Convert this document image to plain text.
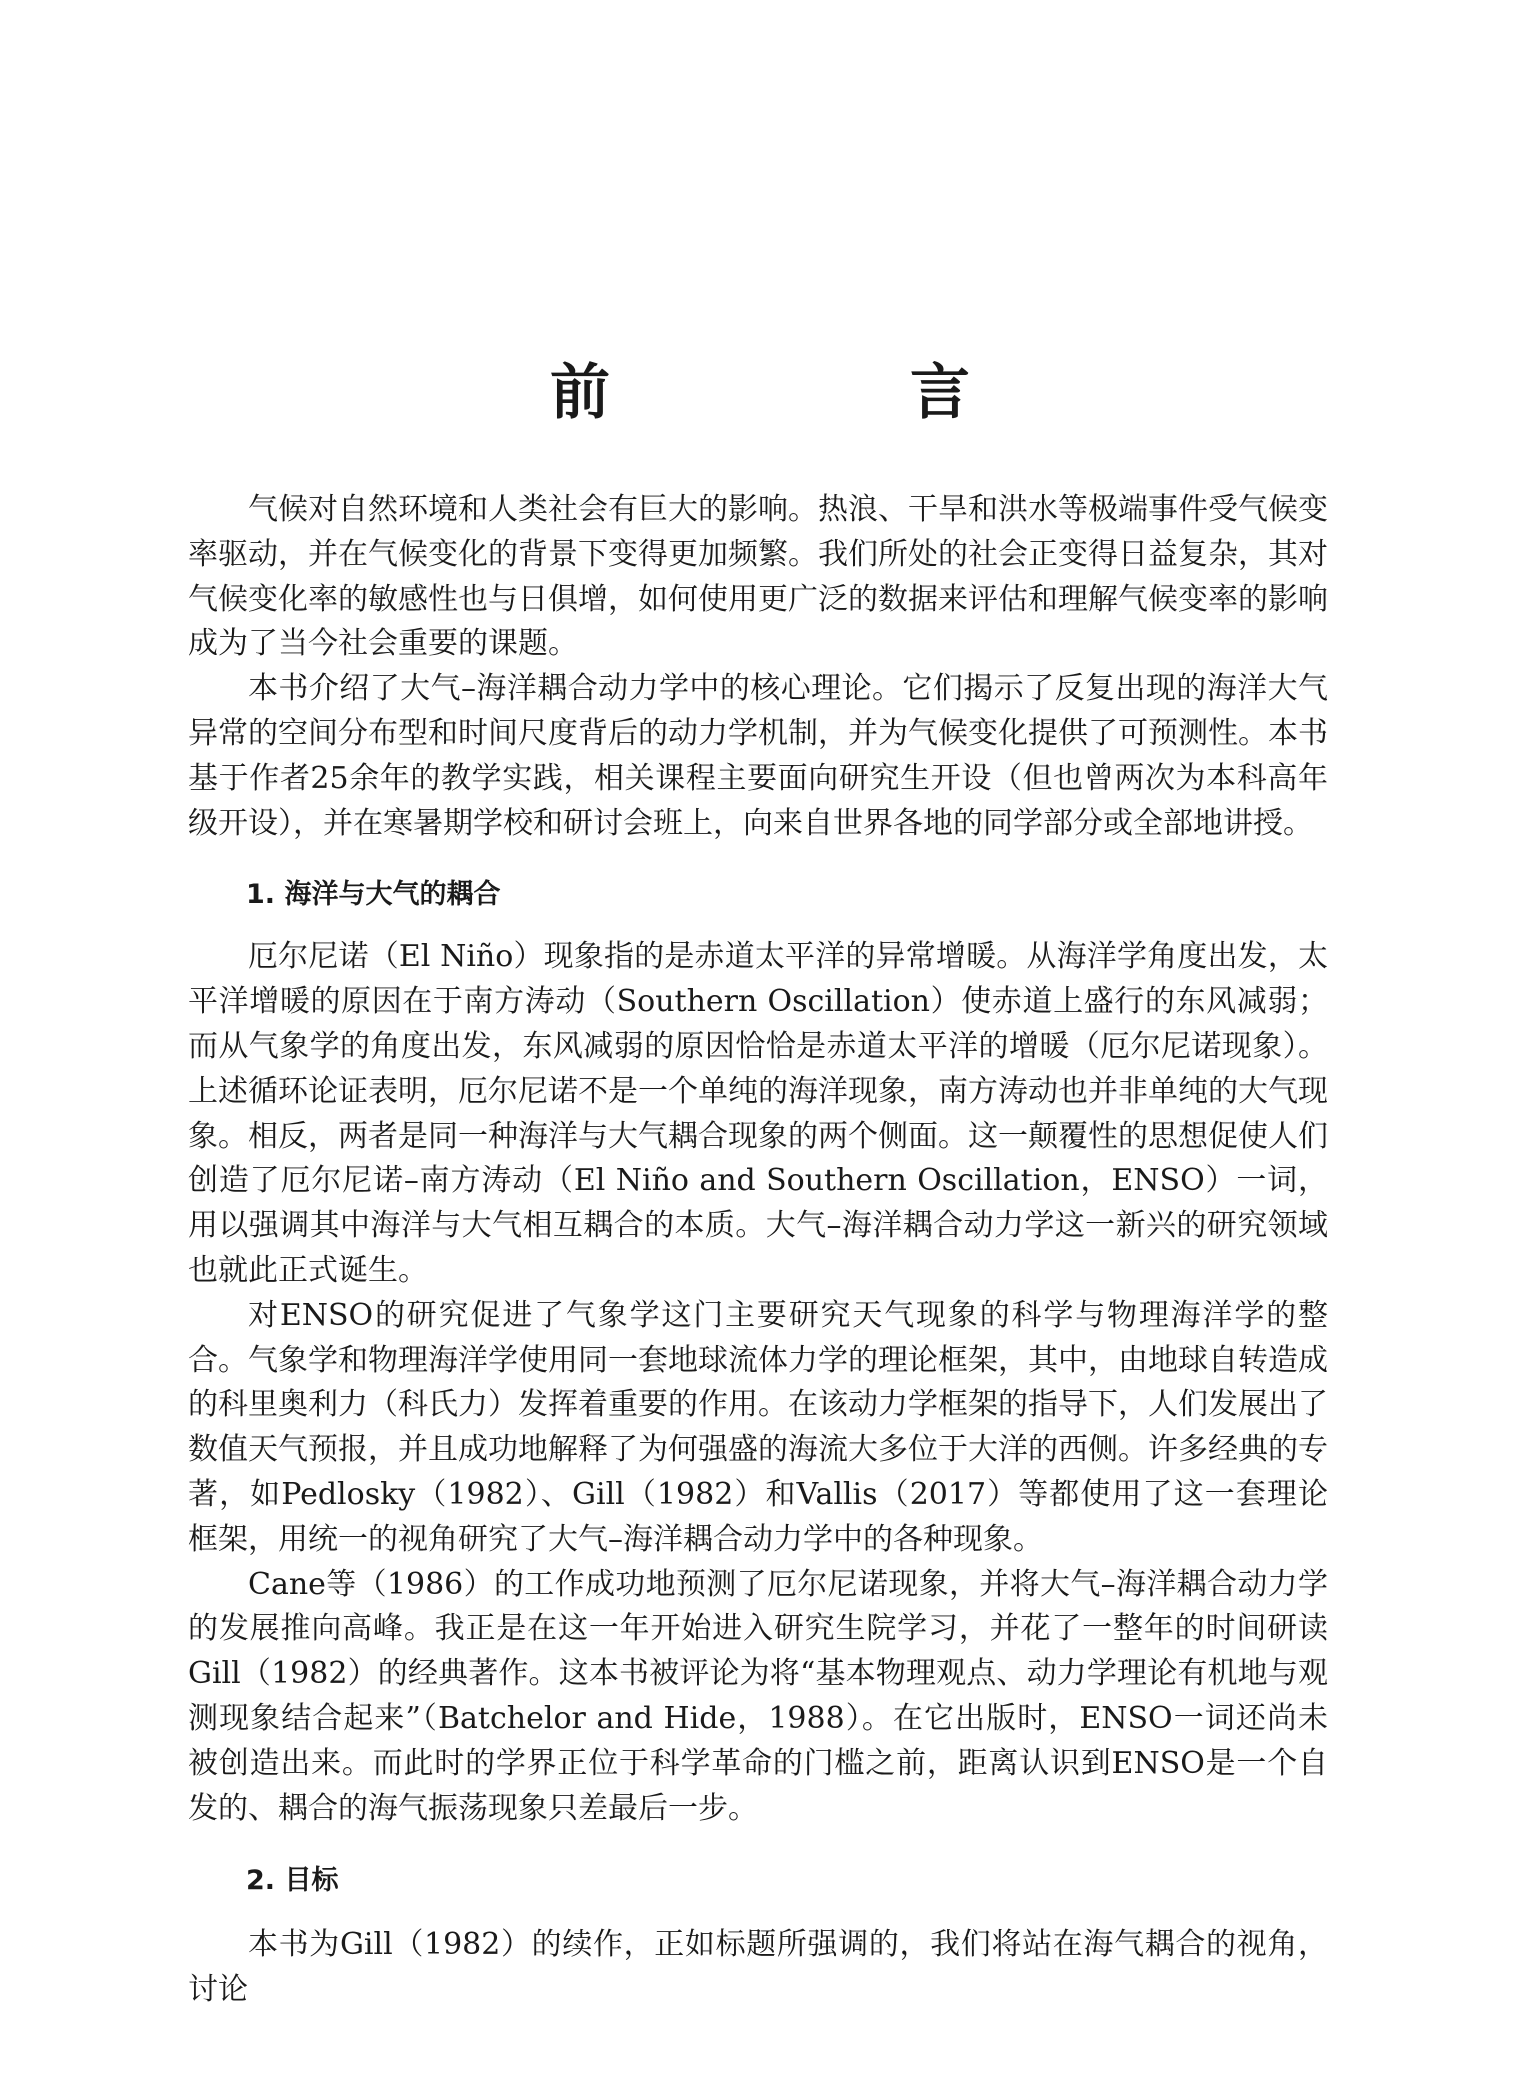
前　言

气候对自然环境和人类社会有巨大的影响。热浪、干旱和洪水等极端事件受气候变率驱动，并在气候变化的背景下变得更加频繁。我们所处的社会正变得日益复杂，其对气候变化率的敏感性也与日俱增，如何使用更广泛的数据来评估和理解气候变率的影响成为了当今社会重要的课题。

本书介绍了大气–海洋耦合动力学中的核心理论。它们揭示了反复出现的海洋大气异常的空间分布型和时间尺度背后的动力学机制，并为气候变化提供了可预测性。本书基于作者25余年的教学实践，相关课程主要面向研究生开设（但也曾两次为本科高年级开设），并在寒暑期学校和研讨会班上，向来自世界各地的同学部分或全部地讲授。

1. 海洋与大气的耦合

厄尔尼诺（El Niño）现象指的是赤道太平洋的异常增暖。从海洋学角度出发，太平洋增暖的原因在于南方涛动（Southern Oscillation）使赤道上盛行的东风减弱；而从气象学的角度出发，东风减弱的原因恰恰是赤道太平洋的增暖（厄尔尼诺现象）。上述循环论证表明，厄尔尼诺不是一个单纯的海洋现象，南方涛动也并非单纯的大气现象。相反，两者是同一种海洋与大气耦合现象的两个侧面。这一颠覆性的思想促使人们创造了厄尔尼诺–南方涛动（El Niño and Southern Oscillation，ENSO）一词，用以强调其中海洋与大气相互耦合的本质。大气–海洋耦合动力学这一新兴的研究领域也就此正式诞生。

对ENSO的研究促进了气象学这门主要研究天气现象的科学与物理海洋学的整合。气象学和物理海洋学使用同一套地球流体力学的理论框架，其中，由地球自转造成的科里奥利力（科氏力）发挥着重要的作用。在该动力学框架的指导下，人们发展出了数值天气预报，并且成功地解释了为何强盛的海流大多位于大洋的西侧。许多经典的专著，如Pedlosky（1982）、Gill（1982）和Vallis（2017）等都使用了这一套理论框架，用统一的视角研究了大气–海洋耦合动力学中的各种现象。

Cane等（1986）的工作成功地预测了厄尔尼诺现象，并将大气–海洋耦合动力学的发展推向高峰。我正是在这一年开始进入研究生院学习，并花了一整年的时间研读Gill（1982）的经典著作。这本书被评论为将“基本物理观点、动力学理论有机地与观测现象结合起来”（Batchelor and Hide，1988）。在它出版时，ENSO一词还尚未被创造出来。而此时的学界正位于科学革命的门槛之前，距离认识到ENSO是一个自发的、耦合的海气振荡现象只差最后一步。

2. 目标

本书为Gill（1982）的续作，正如标题所强调的，我们将站在海气耦合的视角，讨论
